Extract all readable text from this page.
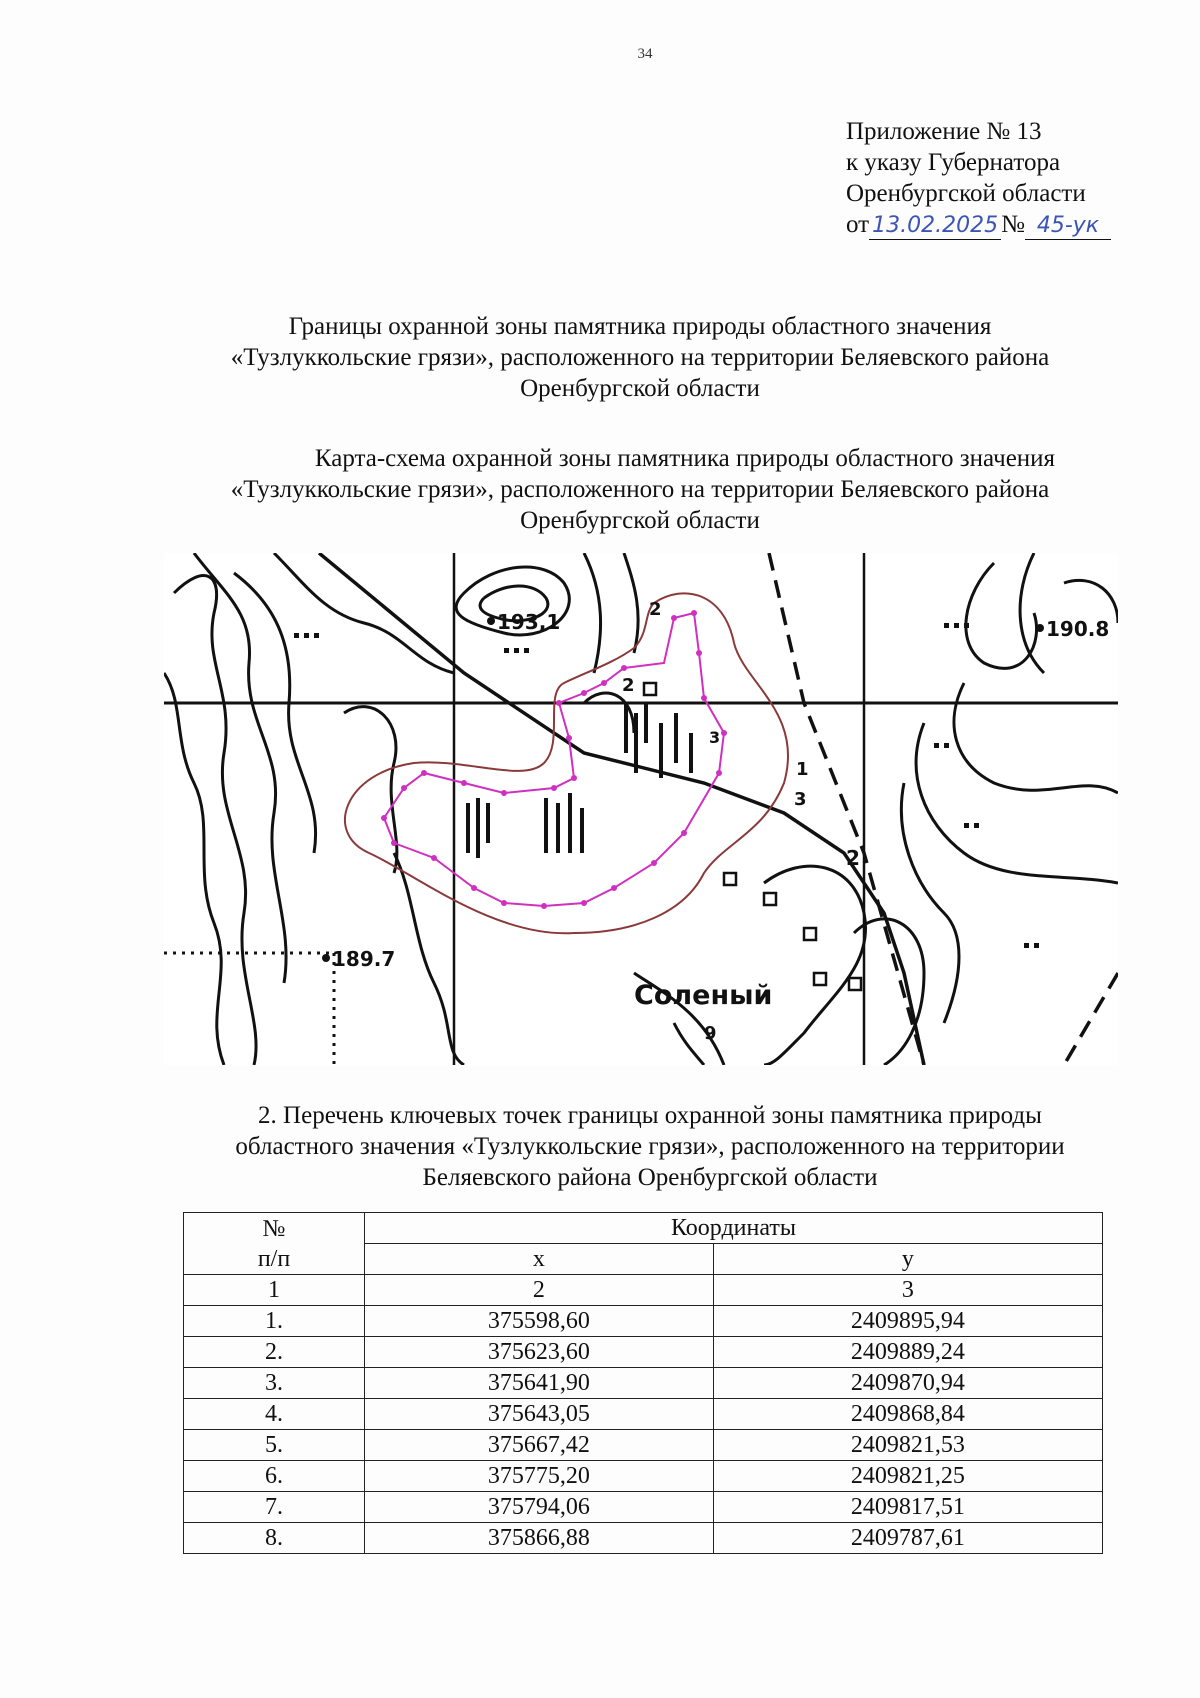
34
Приложение № 13
к указу Губернатора
Оренбургской области
от 13.02.2025 № 45-ук
Границы охранной зоны памятника природы областного значения
«Тузлуккольские грязи», расположенного на территории Беляевского района
Оренбургской области
Карта-схема охранной зоны памятника природы областного значения
«Тузлуккольские грязи», расположенного на территории Беляевского района
Оренбургской области
193,1	190.8
189.7
Соленый
2
2
1
3
2
3
9
2. Перечень ключевых точек границы охранной зоны памятника природы
областного значения «Тузлуккольские грязи», расположенного на территории
Беляевского района Оренбургской области
№
п/п	Координаты	
	х	у
1	2	3
1.	375598,60	2409895,94
2.	375623,60	2409889,24
3.	375641,90	2409870,94
4.	375643,05	2409868,84
5.	375667,42	2409821,53
6.	375775,20	2409821,25
7.	375794,06	2409817,51
8.	375866,88	2409787,61
